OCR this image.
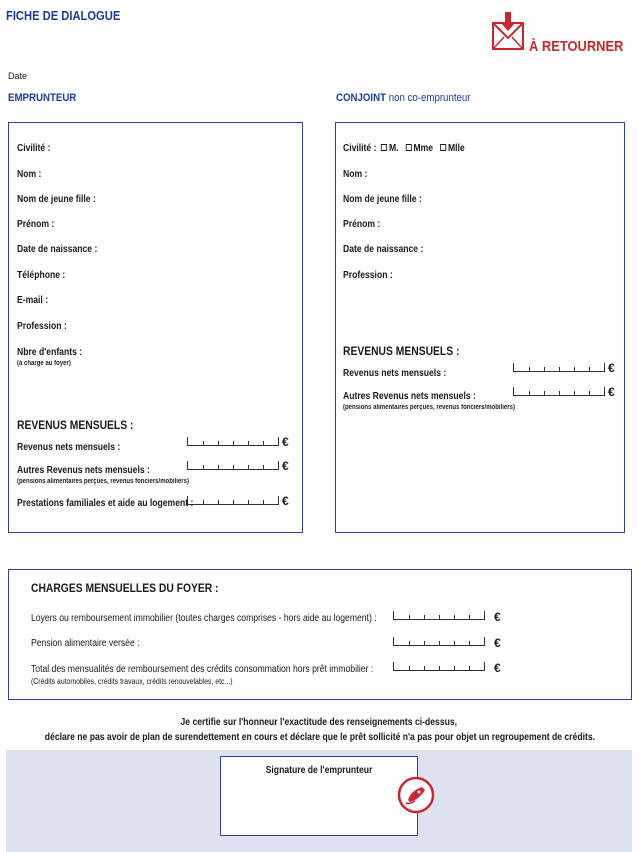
FICHE DE DIALOGUE
À RETOURNER
Date
EMPRUNTEUR	CONJOINT non co-emprunteur
Civilité :
Nom :
Nom de jeune fille :
Prénom :
Date de naissance :
Téléphone :
E-mail :
Profession :
Nbre d'enfants :
(à charge au foyer)
REVENUS MENSUELS :
Revenus nets mensuels :	€
Autres Revenus nets mensuels :
(pensions alimentaires perçues, revenus fonciers/mobiliers)
€
Prestations familiales et aide au logement :	€
Civilité : M. Mme Mlle
Nom :
Nom de jeune fille :
Prénom :
Date de naissance :
Profession :
REVENUS MENSUELS :
Revenus nets mensuels :	€
Autres Revenus nets mensuels :
(pensions alimentaires perçues, revenus fonciers/mobiliers)
€
CHARGES MENSUELLES DU FOYER :
Loyers ou remboursement immobilier (toutes charges comprises - hors aide au logement) :	€
Pension alimentaire versée :	€
Total des mensualités de remboursement des crédits consommation hors prêt immobilier :
(Crédits automobiles, crédits travaux, crédits renouvelables, etc...)
€
Je certifie sur l'honneur l'exactitude des renseignements ci-dessus,
déclare ne pas avoir de plan de surendettement en cours et déclare que le prêt sollicité n'a pas pour objet un regroupement de crédits.
Signature de l'emprunteur
